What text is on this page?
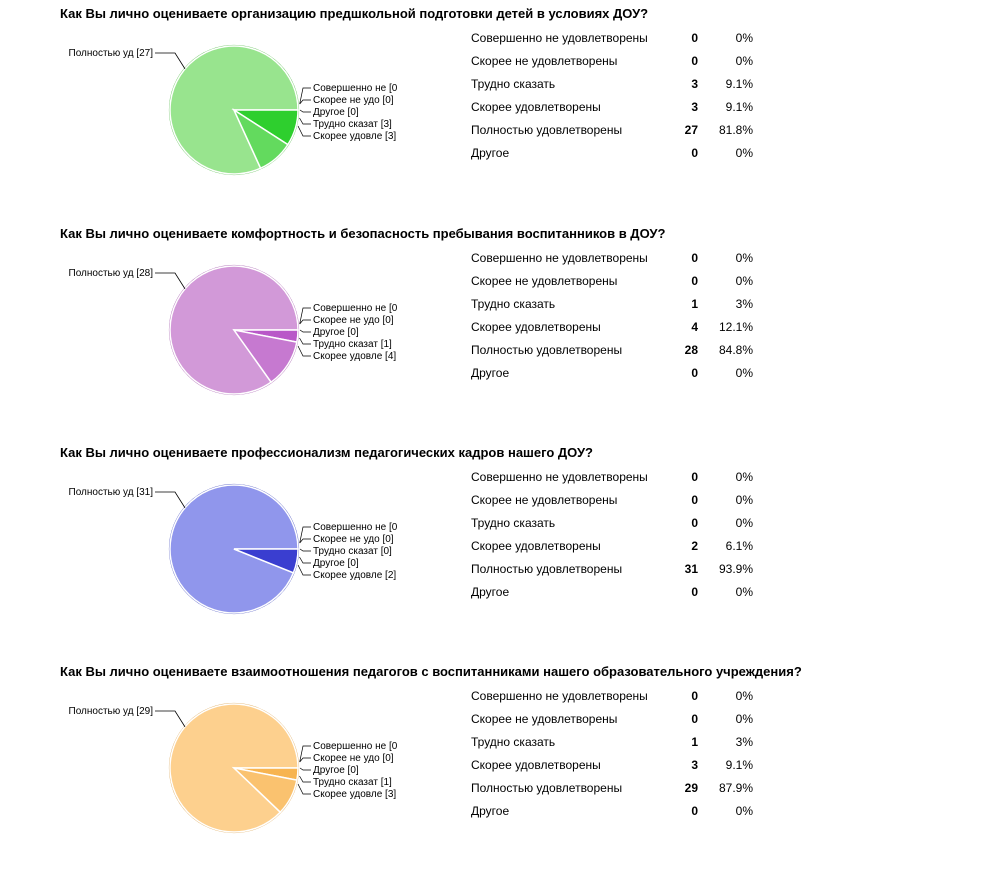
Как Вы лично оцениваете организацию предшкольной подготовки детей в условиях ДОУ?
Полностью уд [27]
Совершенно не [0
Скорее не удо [0]
Другое [0]
Трудно сказат [3]
Скорее удовле [3]
Совершенно не удовлетворены	0	0%
Скорее не удовлетворены	0	0%
Трудно сказать	3	9.1%
Скорее удовлетворены	3	9.1%
Полностью удовлетворены	27	81.8%
Другое	0	0%
Как Вы лично оцениваете комфортность и безопасность пребывания воспитанников в ДОУ?
Полностью уд [28]
Совершенно не [0
Скорее не удо [0]
Другое [0]
Трудно сказат [1]
Скорее удовле [4]
Совершенно не удовлетворены	0	0%
Скорее не удовлетворены	0	0%
Трудно сказать	1	3%
Скорее удовлетворены	4	12.1%
Полностью удовлетворены	28	84.8%
Другое	0	0%
Как Вы лично оцениваете профессионализм педагогических кадров нашего ДОУ?
Полностью уд [31]
Совершенно не [0
Скорее не удо [0]
Трудно сказат [0]
Другое [0]
Скорее удовле [2]
Совершенно не удовлетворены	0	0%
Скорее не удовлетворены	0	0%
Трудно сказать	0	0%
Скорее удовлетворены	2	6.1%
Полностью удовлетворены	31	93.9%
Другое	0	0%
Как Вы лично оцениваете взаимоотношения педагогов с воспитанниками нашего образовательного учреждения?
Полностью уд [29]
Совершенно не [0
Скорее не удо [0]
Другое [0]
Трудно сказат [1]
Скорее удовле [3]
Совершенно не удовлетворены	0	0%
Скорее не удовлетворены	0	0%
Трудно сказать	1	3%
Скорее удовлетворены	3	9.1%
Полностью удовлетворены	29	87.9%
Другое	0	0%
